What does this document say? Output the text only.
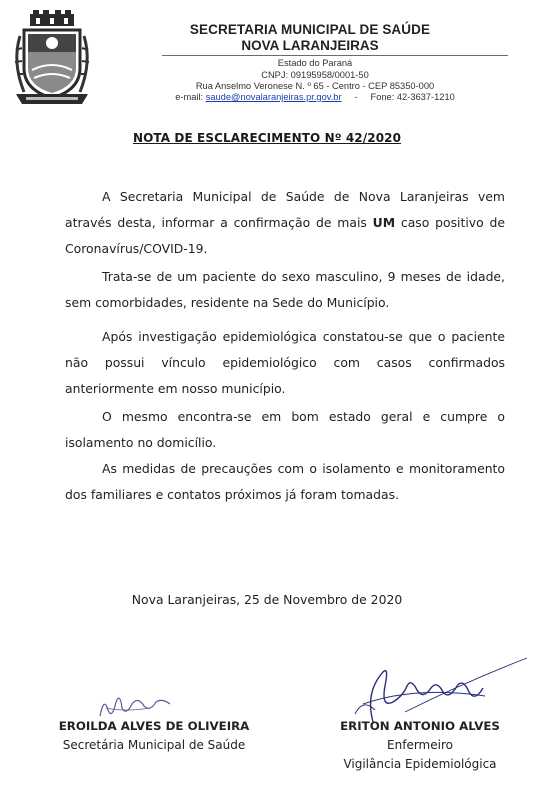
SECRETARIA MUNICIPAL DE SAÚDE
NOVA LARANJEIRAS
Estado do Paraná
CNPJ: 09195958/0001-50
Rua Anselmo Veronese N. º 65 - Centro - CEP 85350-000
e-mail: saude@novalaranjeiras.pr.gov.br - Fone: 42-3637-1210
NOTA DE ESCLARECIMENTO Nº 42/2020
A Secretaria Municipal de Saúde de Nova Laranjeiras vem através desta, informar a confirmação de mais UM caso positivo de Coronavírus/COVID-19.
Trata-se de um paciente do sexo masculino, 9 meses de idade, sem comorbidades, residente na Sede do Município.
Após investigação epidemiológica constatou-se que o paciente não possui vínculo epidemiológico com casos confirmados anteriormente em nosso município.
O mesmo encontra-se em bom estado geral e cumpre o isolamento no domicílio.
As medidas de precauções com o isolamento e monitoramento dos familiares e contatos próximos já foram tomadas.
Nova Laranjeiras, 25 de Novembro de 2020
EROILDA ALVES DE OLIVEIRA
Secretária Municipal de Saúde
ERITON ANTONIO ALVES
Enfermeiro
Vigilância Epidemiológica
